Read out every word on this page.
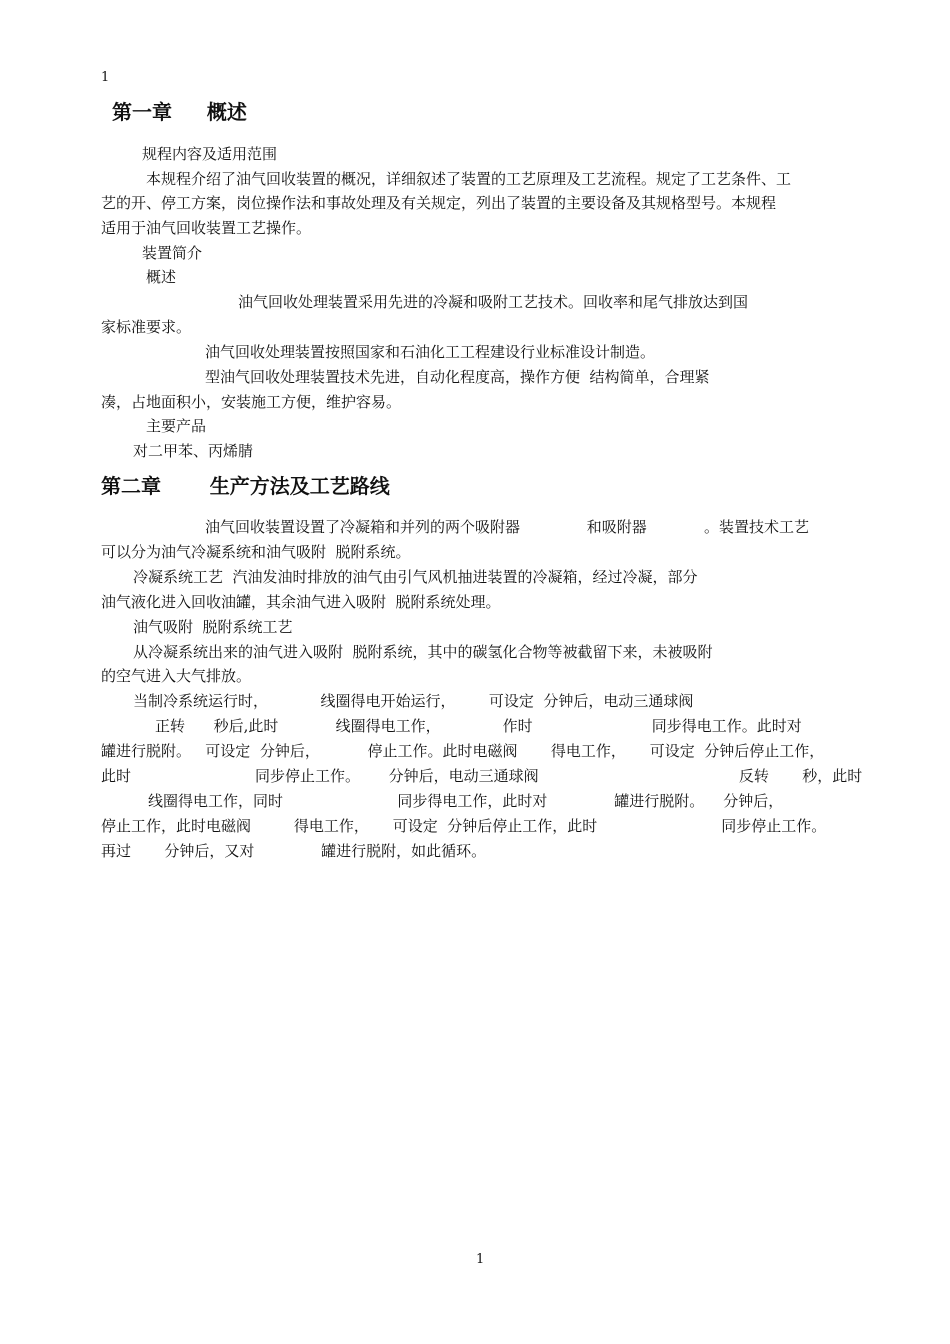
1
第一章     概述
规程内容及适用范围
本规程介绍了油气回收装置的概况，详细叙述了装置的工艺原理及工艺流程。规定了工艺条件、工
艺的开、停工方案，岗位操作法和事故处理及有关规定，列出了装置的主要设备及其规格型号。本规程
适用于油气回收装置工艺操作。
装置简介
概述
油气回收处理装置采用先进的冷凝和吸附工艺技术。回收率和尾气排放达到国
家标准要求。
油气回收处理装置按照国家和石油化工工程建设行业标准设计制造。
型油气回收处理装置技术先进，自动化程度高，操作方便  结构简单，合理紧
凑，占地面积小，安装施工方便，维护容易。
主要产品
对二甲苯、丙烯腈
第二章       生产方法及工艺路线
油气回收装置设置了冷凝箱和并列的两个吸附器              和吸附器            。装置技术工艺
可以分为油气冷凝系统和油气吸附  脱附系统。
冷凝系统工艺  汽油发油时排放的油气由引气风机抽进装置的冷凝箱，经过冷凝，部分
油气液化进入回收油罐，其余油气进入吸附  脱附系统处理。
油气吸附  脱附系统工艺
从冷凝系统出来的油气进入吸附  脱附系统，其中的碳氢化合物等被截留下来，未被吸附
的空气进入大气排放。
当制冷系统运行时，           线圈得电开始运行，       可设定  分钟后，电动三通球阀
正转      秒后,此时            线圈得电工作，             作时                         同步得电工作。此时对
罐进行脱附。   可设定  分钟后，          停止工作。此时电磁阀       得电工作，     可设定  分钟后停止工作，
此时                          同步停止工作。      分钟后，电动三通球阀                                          反转       秒，此时
线圈得电工作，同时                        同步得电工作，此时对              罐进行脱附。    分钟后，
停止工作，此时电磁阀         得电工作，     可设定  分钟后停止工作，此时                          同步停止工作。
再过       分钟后，又对              罐进行脱附，如此循环。
1
